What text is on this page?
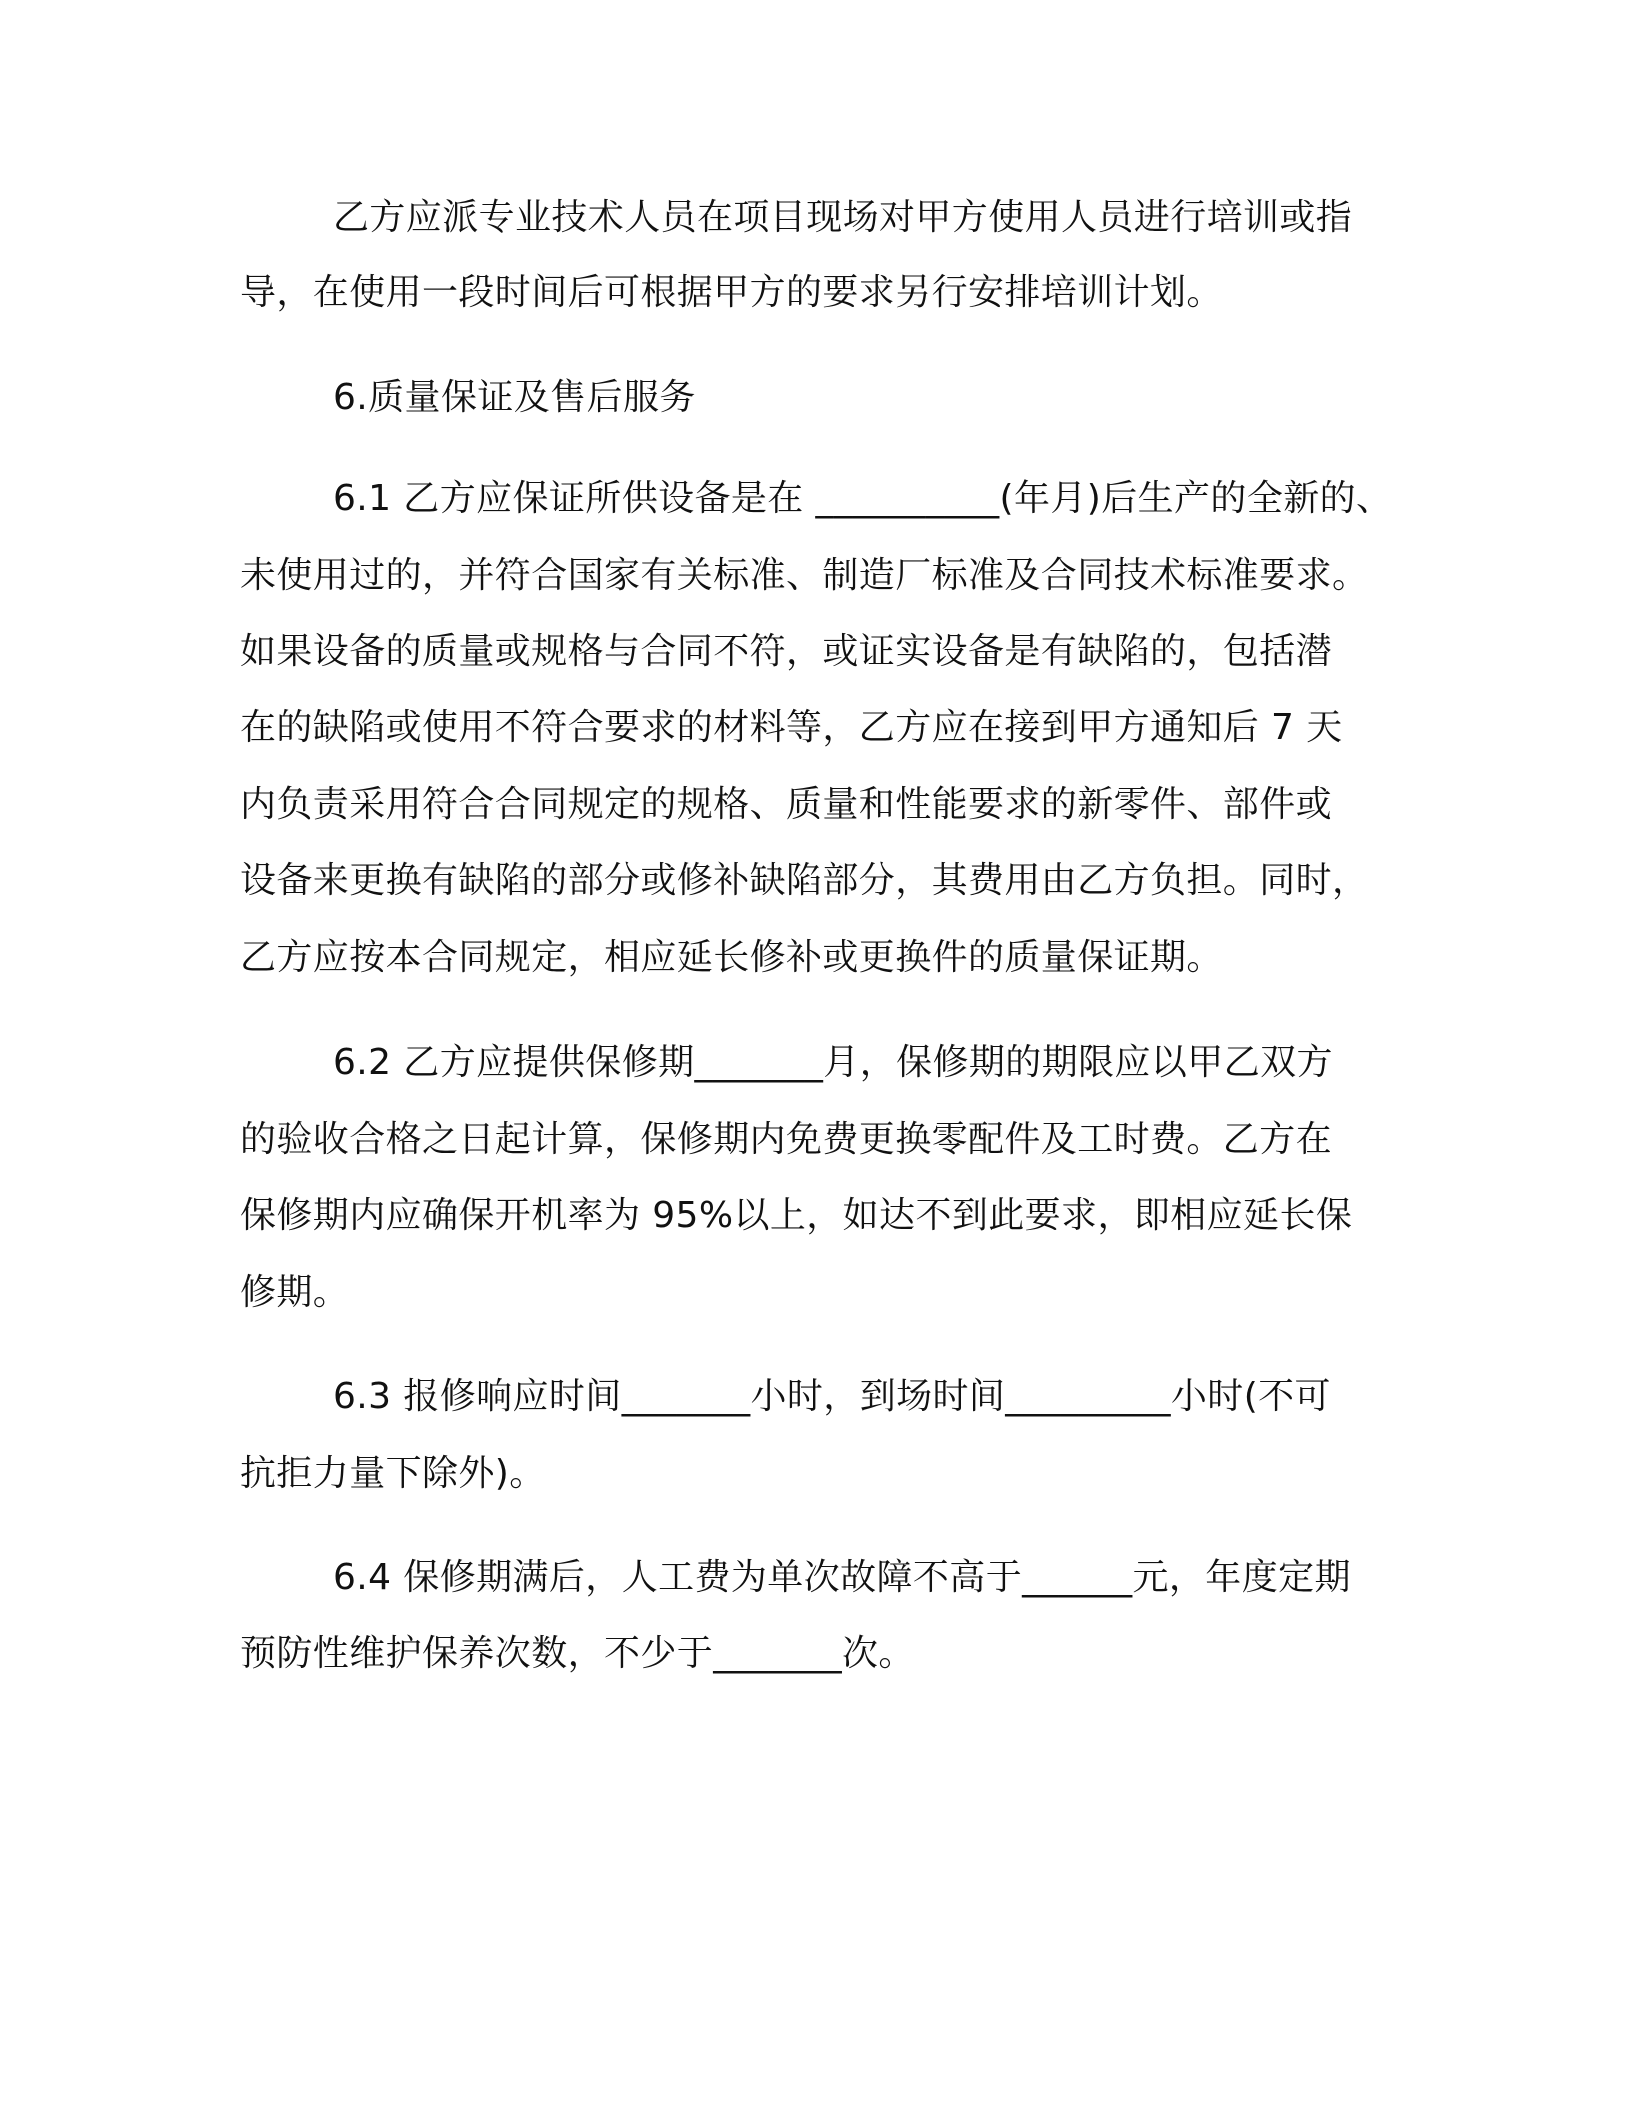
乙方应派专业技术人员在项目现场对甲方使用人员进行培训或指
导，在使用一段时间后可根据甲方的要求另行安排培训计划。
6.质量保证及售后服务
6.1 乙方应保证所供设备是在 __________(年月)后生产的全新的、
未使用过的，并符合国家有关标准、制造厂标准及合同技术标准要求。
如果设备的质量或规格与合同不符，或证实设备是有缺陷的，包括潜
在的缺陷或使用不符合要求的材料等，乙方应在接到甲方通知后 7 天
内负责采用符合合同规定的规格、质量和性能要求的新零件、部件或
设备来更换有缺陷的部分或修补缺陷部分，其费用由乙方负担。同时，
乙方应按本合同规定，相应延长修补或更换件的质量保证期。
6.2 乙方应提供保修期_______月，保修期的期限应以甲乙双方
的验收合格之日起计算，保修期内免费更换零配件及工时费。乙方在
保修期内应确保开机率为 95%以上，如达不到此要求，即相应延长保
修期。
6.3 报修响应时间_______小时，到场时间_________小时(不可
抗拒力量下除外)。
6.4 保修期满后，人工费为单次故障不高于______元，年度定期
预防性维护保养次数，不少于_______次。
